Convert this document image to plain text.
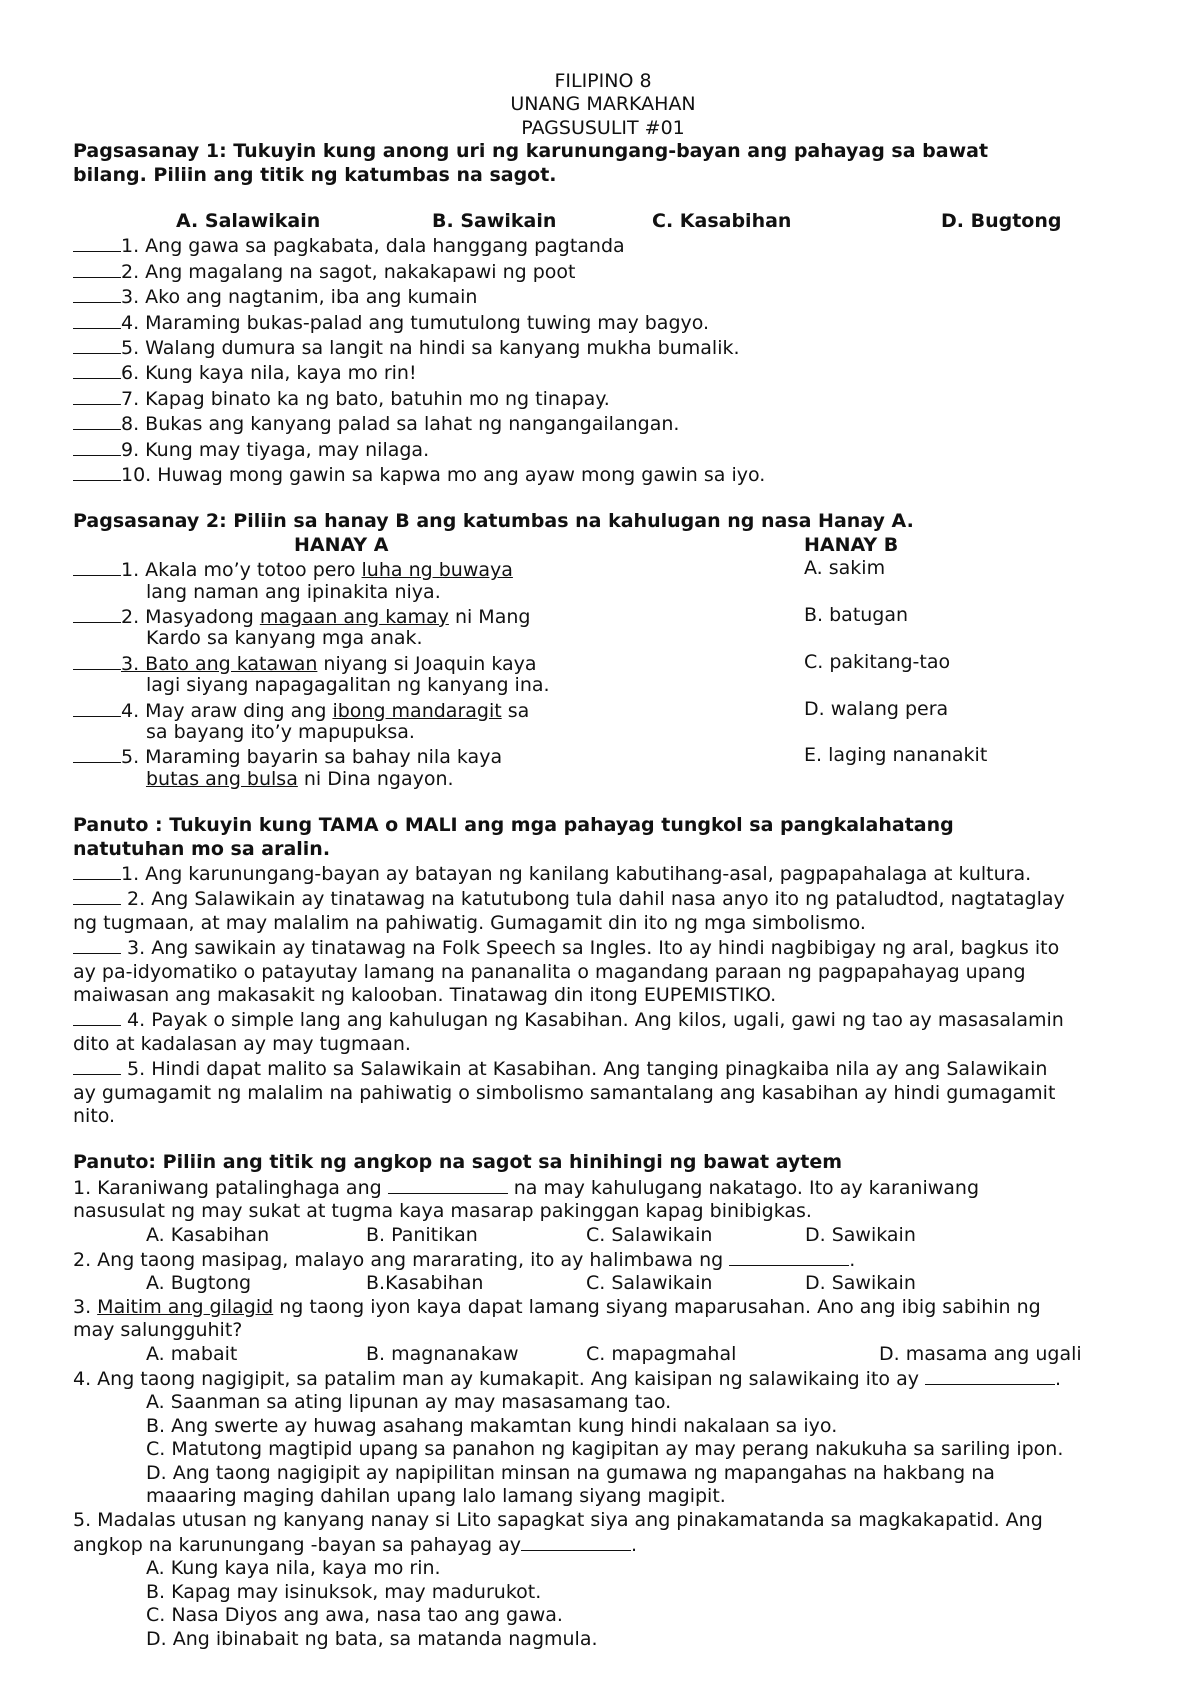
FILIPINO 8
UNANG MARKAHAN
PAGSUSULIT #01
Pagsasanay 1: Tukuyin kung anong uri ng karunungang-bayan ang pahayag sa bawat
bilang. Piliin ang titik ng katumbas na sagot.
A. Salawikain	B. Sawikain	C. Kasabihan	D. Bugtong
1. Ang gawa sa pagkabata, dala hanggang pagtanda
2. Ang magalang na sagot, nakakapawi ng poot
3. Ako ang nagtanim, iba ang kumain
4. Maraming bukas-palad ang tumutulong tuwing may bagyo.
5. Walang dumura sa langit na hindi sa kanyang mukha bumalik.
6. Kung kaya nila, kaya mo rin!
7. Kapag binato ka ng bato, batuhin mo ng tinapay.
8. Bukas ang kanyang palad sa lahat ng nangangailangan.
9. Kung may tiyaga, may nilaga.
10. Huwag mong gawin sa kapwa mo ang ayaw mong gawin sa iyo.
Pagsasanay 2: Piliin sa hanay B ang katumbas na kahulugan ng nasa Hanay A.
HANAY A	HANAY B
1. Akala mo’y totoo pero luha ng buwaya	A. sakim
lang naman ang ipinakita niya.
2. Masyadong magaan ang kamay ni Mang	B. batugan
Kardo sa kanyang mga anak.
3. Bato ang katawan niyang si Joaquin kaya	C. pakitang-tao
lagi siyang napagagalitan ng kanyang ina.
4. May araw ding ang ibong mandaragit sa	D. walang pera
sa bayang ito’y mapupuksa.
5. Maraming bayarin sa bahay nila kaya	E. laging nananakit
butas ang bulsa ni Dina ngayon.
Panuto : Tukuyin kung TAMA o MALI ang mga pahayag tungkol sa pangkalahatang
natutuhan mo sa aralin.
1. Ang karunungang-bayan ay batayan ng kanilang kabutihang-asal, pagpapahalaga at kultura.
2. Ang Salawikain ay tinatawag na katutubong tula dahil nasa anyo ito ng pataludtod, nagtataglay
ng tugmaan, at may malalim na pahiwatig. Gumagamit din ito ng mga simbolismo.
3. Ang sawikain ay tinatawag na Folk Speech sa Ingles. Ito ay hindi nagbibigay ng aral, bagkus ito
ay pa-idyomatiko o patayutay lamang na pananalita o magandang paraan ng pagpapahayag upang
maiwasan ang makasakit ng kalooban. Tinatawag din itong EUPEMISTIKO.
4. Payak o simple lang ang kahulugan ng Kasabihan. Ang kilos, ugali, gawi ng tao ay masasalamin
dito at kadalasan ay may tugmaan.
5. Hindi dapat malito sa Salawikain at Kasabihan. Ang tanging pinagkaiba nila ay ang Salawikain
ay gumagamit ng malalim na pahiwatig o simbolismo samantalang ang kasabihan ay hindi gumagamit
nito.
Panuto: Piliin ang titik ng angkop na sagot sa hinihingi ng bawat aytem
1. Karaniwang patalinghaga ang	na may kahulugang nakatago. Ito ay karaniwang
nasusulat ng may sukat at tugma kaya masarap pakinggan kapag binibigkas.
A. Kasabihan	B. Panitikan	C. Salawikain	D. Sawikain
2. Ang taong masipag, malayo ang mararating, ito ay halimbawa ng	.
A. Bugtong	B.Kasabihan	C. Salawikain	D. Sawikain
3. Maitim ang gilagid ng taong iyon kaya dapat lamang siyang maparusahan. Ano ang ibig sabihin ng
may salungguhit?
A. mabait	B. magnanakaw	C. mapagmahal	D. masama ang ugali
4. Ang taong nagigipit, sa patalim man ay kumakapit. Ang kaisipan ng salawikaing ito ay	.
A. Saanman sa ating lipunan ay may masasamang tao.
B. Ang swerte ay huwag asahang makamtan kung hindi nakalaan sa iyo.
C. Matutong magtipid upang sa panahon ng kagipitan ay may perang nakukuha sa sariling ipon.
D. Ang taong nagigipit ay napipilitan minsan na gumawa ng mapangahas na hakbang na
maaaring maging dahilan upang lalo lamang siyang magipit.
5. Madalas utusan ng kanyang nanay si Lito sapagkat siya ang pinakamatanda sa magkakapatid. Ang
angkop na karunungang -bayan sa pahayag ay	.
A. Kung kaya nila, kaya mo rin.
B. Kapag may isinuksok, may madurukot.
C. Nasa Diyos ang awa, nasa tao ang gawa.
D. Ang ibinabait ng bata, sa matanda nagmula.
